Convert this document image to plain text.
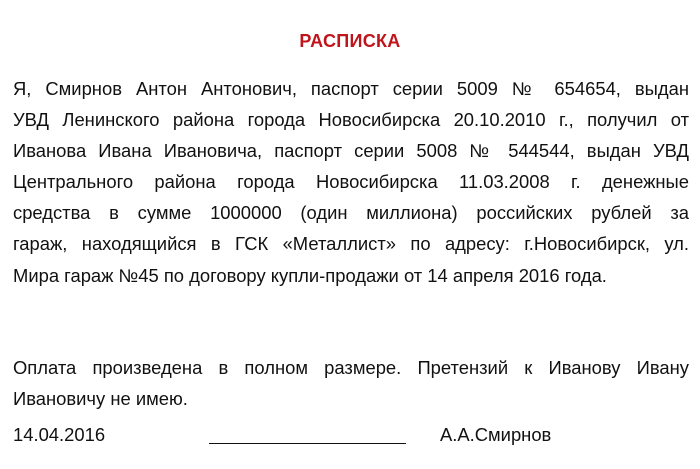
РАСПИСКА

Я, Смирнов Антон Антонович, паспорт серии 5009 № 654654, выдан
УВД Ленинского района города Новосибирска 20.10.2010 г., получил от
Иванова Ивана Ивановича, паспорт серии 5008 № 544544, выдан УВД
Центрального района города Новосибирска 11.03.2008 г. денежные
средства в сумме 1000000 (один миллиона) российских рублей за
гараж, находящийся в ГСК «Металлист» по адресу: г.Новосибирск, ул.
Мира гараж №45 по договору купли-продажи от 14 апреля 2016 года.

Оплата произведена в полном размере. Претензий к Иванову Ивану
Ивановичу не имею.

14.04.2016	А.А.Смирнов
